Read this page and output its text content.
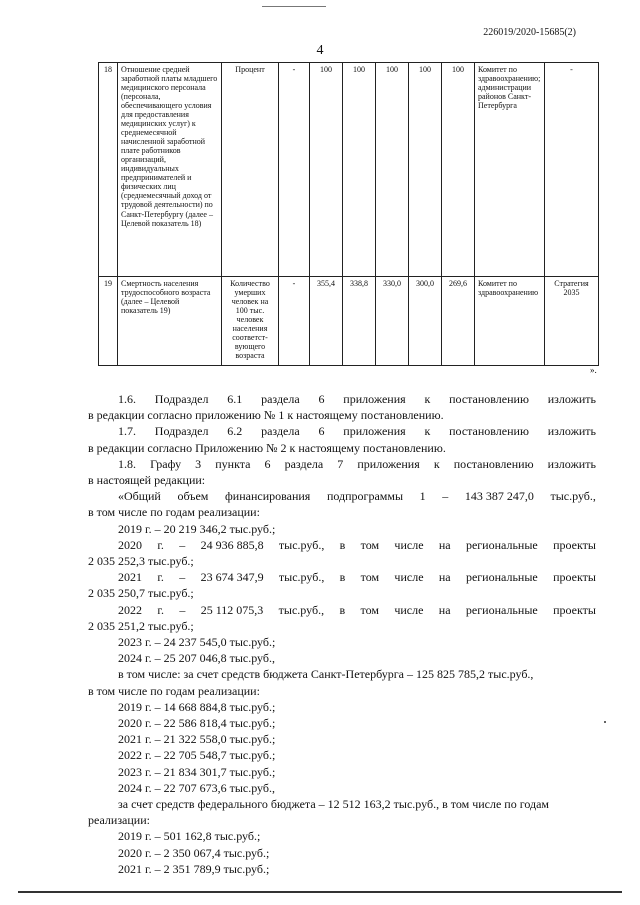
226019/2020-15685(2)
4
18	Отношение средней заработной платы младшего медицинского персонала (персонала, обеспечивающего условия для предоставления медицинских услуг) к среднемесячной начисленной заработной плате работников организаций, индивидуальных предпринимателей и физических лиц (среднемесячный доход от трудовой деятельности) по Санкт-Петербургу (далее – Целевой показатель 18)	Процент	-	100	100	100	100	100	Комитет по здравоохранению; администрации районов Санкт-Петербурга	-
19	Смертность населения трудоспособного возраста (далее – Целевой показатель 19)	Количество умерших человек на 100 тыс. человек населения соответст-вующего возраста	-	355,4	338,8	330,0	300,0	269,6	Комитет по здравоохранению	Стратегия 2035
».
1.6. Подраздел 6.1 раздела 6 приложения к постановлению изложить
в редакции согласно приложению № 1 к настоящему постановлению.
1.7. Подраздел 6.2 раздела 6 приложения к постановлению изложить
в редакции согласно Приложению № 2 к настоящему постановлению.
1.8. Графу 3 пункта 6 раздела 7 приложения к постановлению изложить
в настоящей редакции:
«Общий объем финансирования подпрограммы 1 – 143 387 247,0 тыс.руб.,
в том числе по годам реализации:
2019 г. – 20 219 346,2 тыс.руб.;
2020 г. – 24 936 885,8 тыс.руб., в том числе на региональные проекты
2 035 252,3 тыс.руб.;
2021 г. – 23 674 347,9 тыс.руб., в том числе на региональные проекты
2 035 250,7 тыс.руб.;
2022 г. – 25 112 075,3 тыс.руб., в том числе на региональные проекты
2 035 251,2 тыс.руб.;
2023 г. – 24 237 545,0 тыс.руб.;
2024 г. – 25 207 046,8 тыс.руб.,
в том числе: за счет средств бюджета Санкт-Петербурга – 125 825 785,2 тыс.руб.,
в том числе по годам реализации:
2019 г. – 14 668 884,8 тыс.руб.;
2020 г. – 22 586 818,4 тыс.руб.;
2021 г. – 21 322 558,0 тыс.руб.;
2022 г. – 22 705 548,7 тыс.руб.;
2023 г. – 21 834 301,7 тыс.руб.;
2024 г. – 22 707 673,6 тыс.руб.,
за счет средств федерального бюджета – 12 512 163,2 тыс.руб., в том числе по годам
реализации:
2019 г. – 501 162,8 тыс.руб.;
2020 г. – 2 350 067,4 тыс.руб.;
2021 г. – 2 351 789,9 тыс.руб.;
